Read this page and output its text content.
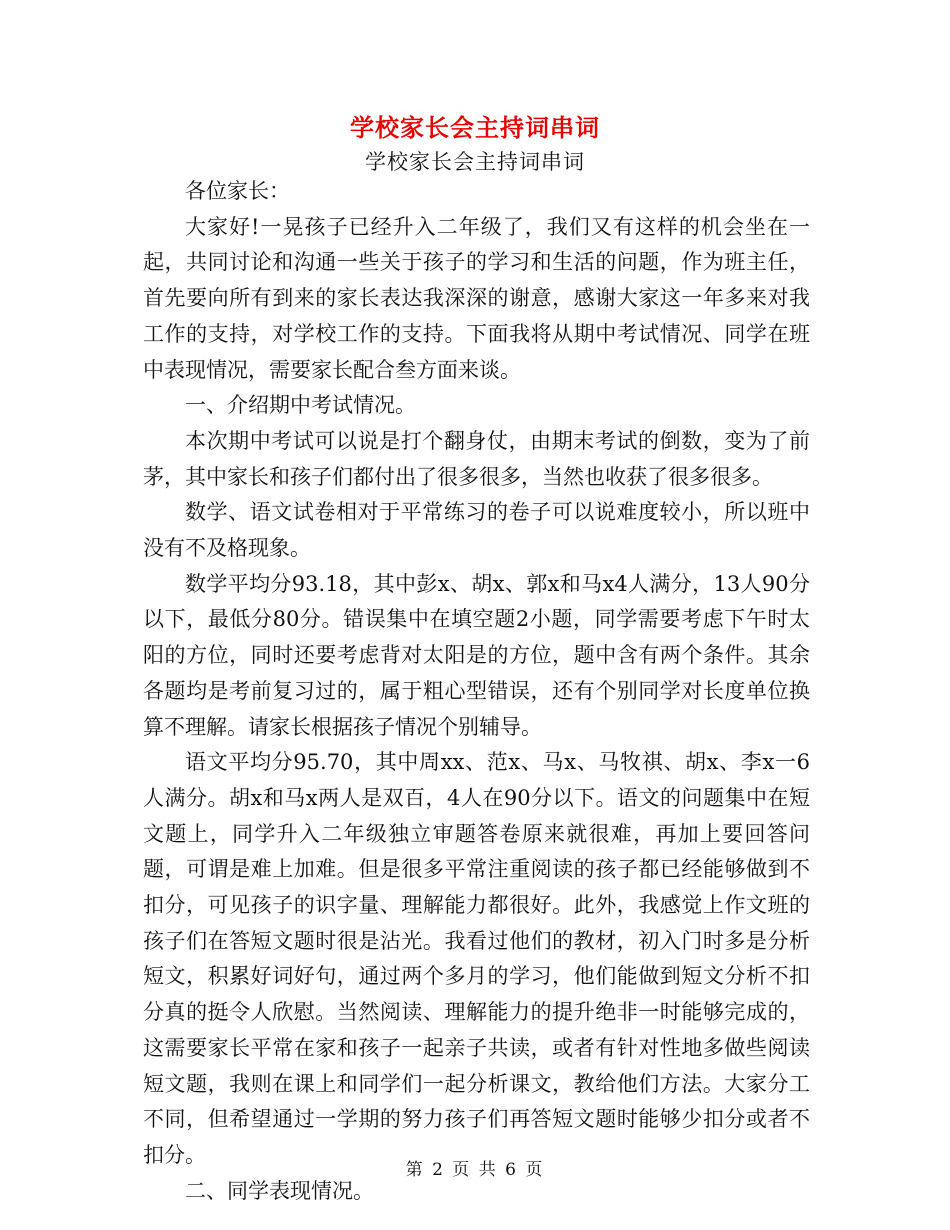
学校家长会主持词串词
学校家长会主持词串词

各位家长：

大家好!一晃孩子已经升入二年级了，我们又有这样的机会坐在一起，共同讨论和沟通一些关于孩子的学习和生活的问题，作为班主任，首先要向所有到来的家长表达我深深的谢意，感谢大家这一年多来对我工作的支持，对学校工作的支持。下面我将从期中考试情况、同学在班中表现情况，需要家长配合叁方面来谈。

一、介绍期中考试情况。

本次期中考试可以说是打个翻身仗，由期末考试的倒数，变为了前茅，其中家长和孩子们都付出了很多很多，当然也收获了很多很多。

数学、语文试卷相对于平常练习的卷子可以说难度较小，所以班中没有不及格现象。

数学平均分93.18，其中彭x、胡x、郭x和马x4人满分，13人90分以下，最低分80分。错误集中在填空题2小题，同学需要考虑下午时太阳的方位，同时还要考虑背对太阳是的方位，题中含有两个条件。其余各题均是考前复习过的，属于粗心型错误，还有个别同学对长度单位换算不理解。请家长根据孩子情况个别辅导。

语文平均分95.70，其中周xx、范x、马x、马牧祺、胡x、李x一6人满分。胡x和马x两人是双百，4人在90分以下。语文的问题集中在短文题上，同学升入二年级独立审题答卷原来就很难，再加上要回答问题，可谓是难上加难。但是很多平常注重阅读的孩子都已经能够做到不扣分，可见孩子的识字量、理解能力都很好。此外，我感觉上作文班的孩子们在答短文题时很是沾光。我看过他们的教材，初入门时多是分析短文，积累好词好句，通过两个多月的学习，他们能做到短文分析不扣分真的挺令人欣慰。当然阅读、理解能力的提升绝非一时能够完成的，这需要家长平常在家和孩子一起亲子共读，或者有针对性地多做些阅读短文题，我则在课上和同学们一起分析课文，教给他们方法。大家分工不同，但希望通过一学期的努力孩子们再答短文题时能够少扣分或者不扣分。

二、同学表现情况。

第 2 页 共 6 页
